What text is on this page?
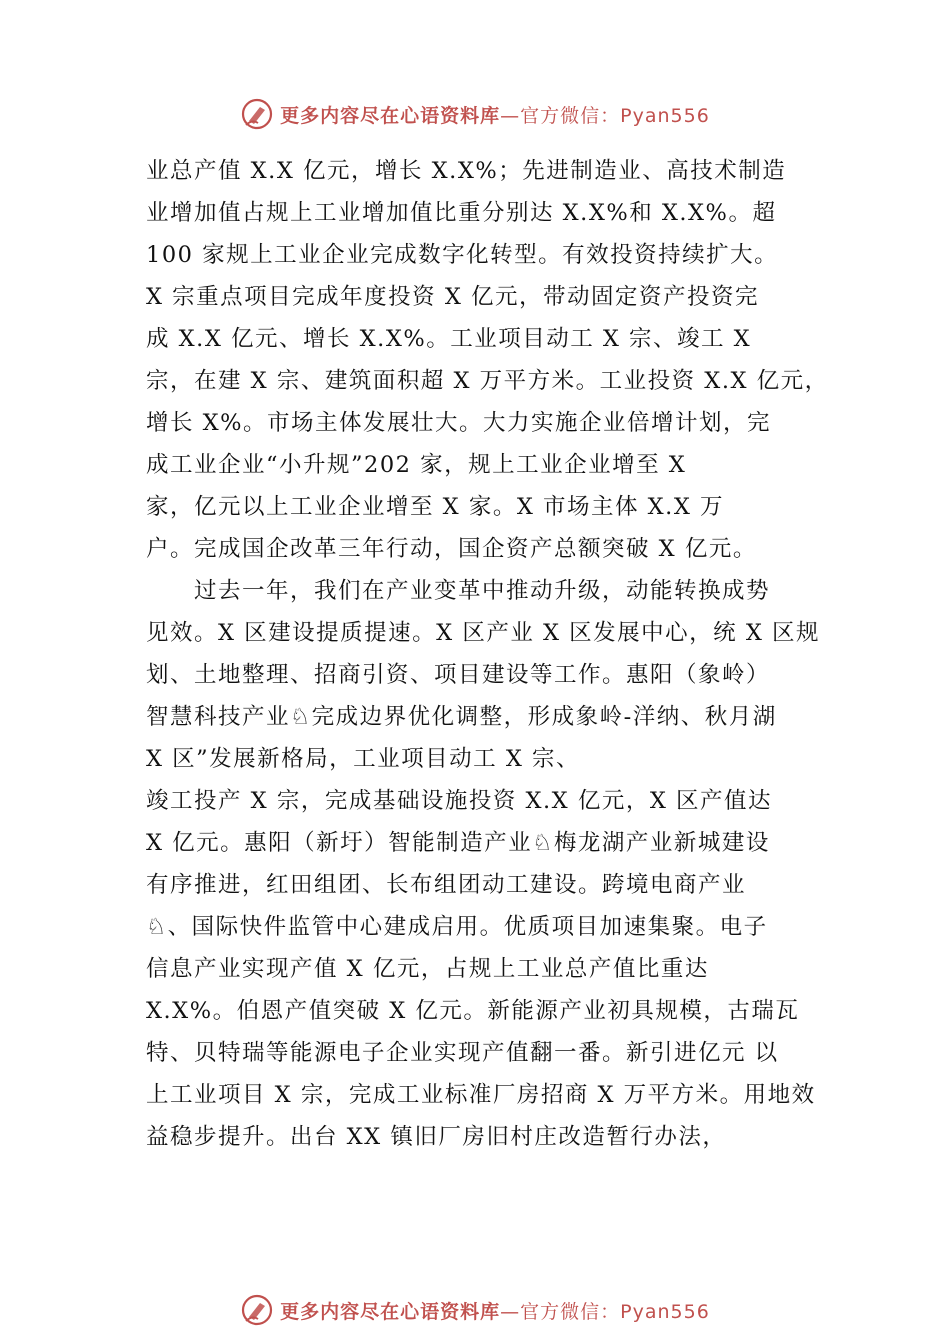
更多内容尽在心语资料库—官方微信：Pyan556
业总产值 X.X 亿元，增长 X.X%；先进制造业、高技术制造
业增加值占规上工业增加值比重分别达 X.X%和 X.X%。超
100 家规上工业企业完成数字化转型。有效投资持续扩大。
X 宗重点项目完成年度投资 X 亿元，带动固定资产投资完
成 X.X 亿元、增长 X.X%。工业项目动工 X 宗、竣工 X
宗，在建 X 宗、建筑面积超 X 万平方米。工业投资 X.X 亿元，
增长 X%。市场主体发展壮大。大力实施企业倍增计划，完
成工业企业“小升规”202 家，规上工业企业增至 X
家，亿元以上工业企业增至 X 家。X 市场主体 X.X 万
户。完成国企改革三年行动，国企资产总额突破 X 亿元。
过去一年，我们在产业变革中推动升级，动能转换成势
见效。X 区建设提质提速。X 区产业 X 区发展中心，统 X 区规
划、土地整理、招商引资、项目建设等工作。惠阳（象岭）
智慧科技产业♘完成边界优化调整，形成象岭-洋纳、秋月湖
X 区”发展新格局，工业项目动工 X 宗、
竣工投产 X 宗，完成基础设施投资 X.X 亿元，X 区产值达
X 亿元。惠阳（新圩）智能制造产业♘梅龙湖产业新城建设
有序推进，红田组团、长布组团动工建设。跨境电商产业
♘、国际快件监管中心建成启用。优质项目加速集聚。电子
信息产业实现产值 X 亿元，占规上工业总产值比重达
X.X%。伯恩产值突破 X 亿元。新能源产业初具规模，古瑞瓦
特、贝特瑞等能源电子企业实现产值翻一番。新引进亿元 以
上工业项目 X 宗，完成工业标准厂房招商 X 万平方米。用地效
益稳步提升。出台 XX 镇旧厂房旧村庄改造暂行办法，
更多内容尽在心语资料库—官方微信：Pyan556
